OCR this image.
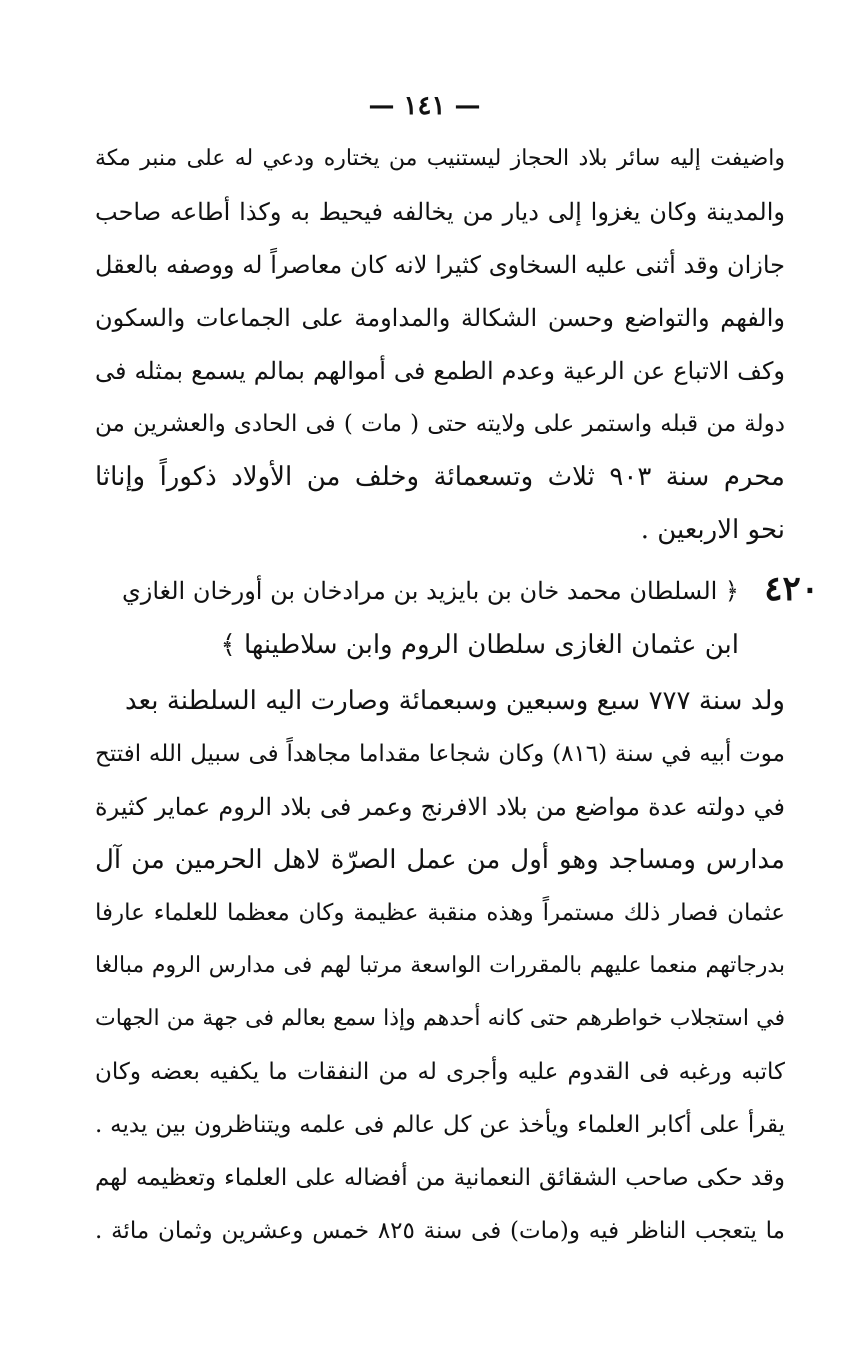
— ١٤١ —
واضيفت إليه سائر بلاد الحجاز ليستنيب من يختاره ودعي له على منبر مكة
والمدينة وكان يغزوا إلى ديار من يخالفه فيحيط به وكذا أطاعه صاحب
جازان وقد أثنى عليه السخاوى كثيرا لانه كان معاصراً له ووصفه بالعقل
والفهم والتواضع وحسن الشكالة والمداومة على الجماعات والسكون
وكف الاتباع عن الرعية وعدم الطمع فى أموالهم بمالم يسمع بمثله فى
دولة من قبله واستمر على ولايته حتى ( مات ) فى الحادى والعشرين من
محرم سنة ٩٠٣ ثلاث وتسعمائة وخلف من الأولاد ذكوراً وإناثا
نحو الاربعين .
٤٢٠
﴿ السلطان محمد خان بن بايزيد بن مرادخان بن أورخان الغازي
ابن عثمان الغازى سلطان الروم وابن سلاطينها ﴾
ولد سنة ٧٧٧ سبع وسبعين وسبعمائة وصارت اليه السلطنة بعد
موت أبيه في سنة (٨١٦) وكان شجاعا مقداما مجاهداً فى سبيل الله افتتح
في دولته عدة مواضع من بلاد الافرنج وعمر فى بلاد الروم عماير كثيرة
مدارس ومساجد وهو أول من عمل الصرّة لاهل الحرمين من آل
عثمان فصار ذلك مستمراً وهذه منقبة عظيمة وكان معظما للعلماء عارفا
بدرجاتهم منعما عليهم بالمقررات الواسعة مرتبا لهم فى مدارس الروم مبالغا
في استجلاب خواطرهم حتى كانه أحدهم وإذا سمع بعالم فى جهة من الجهات
كاتبه ورغبه فى القدوم عليه وأجرى له من النفقات ما يكفيه بعضه وكان
يقرأ على أكابر العلماء ويأخذ عن كل عالم فى علمه ويتناظرون بين يديه .
وقد حكى صاحب الشقائق النعمانية من أفضاله على العلماء وتعظيمه لهم
ما يتعجب الناظر فيه و(مات) فى سنة ٨٢٥ خمس وعشرين وثمان مائة .
